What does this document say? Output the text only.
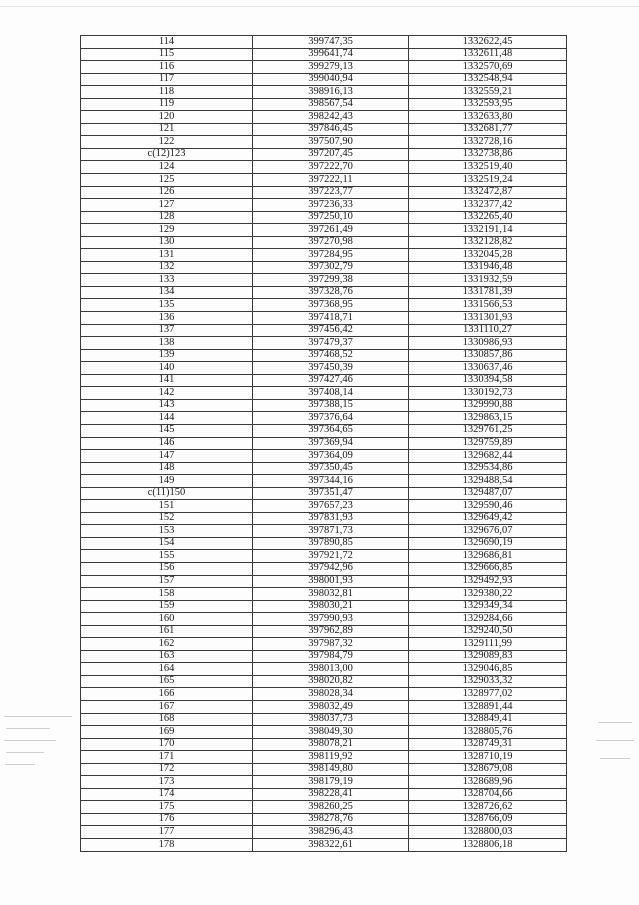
114	399747,35	1332622,45
115	399641,74	1332611,48
116	399279,13	1332570,69
117	399040,94	1332548,94
118	398916,13	1332559,21
119	398567,54	1332593,95
120	398242,43	1332633,80
121	397846,45	1332681,77
122	397507,90	1332728,16
c(12)123	397207,45	1332738,86
124	397222,70	1332519,40
125	397222,11	1332519,24
126	397223,77	1332472,87
127	397236,33	1332377,42
128	397250,10	1332265,40
129	397261,49	1332191,14
130	397270,98	1332128,82
131	397284,95	1332045,28
132	397302,79	1331946,48
133	397299,38	1331932,59
134	397328,76	1331781,39
135	397368,95	1331566,53
136	397418,71	1331301,93
137	397456,42	1331110,27
138	397479,37	1330986,93
139	397468,52	1330857,86
140	397450,39	1330637,46
141	397427,46	1330394,58
142	397408,14	1330192,73
143	397388,15	1329990,88
144	397376,64	1329863,15
145	397364,65	1329761,25
146	397369,94	1329759,89
147	397364,09	1329682,44
148	397350,45	1329534,86
149	397344,16	1329488,54
c(11)150	397351,47	1329487,07
151	397657,23	1329590,46
152	397831,93	1329649,42
153	397871,73	1329676,07
154	397890,85	1329690,19
155	397921,72	1329686,81
156	397942,96	1329666,85
157	398001,93	1329492,93
158	398032,81	1329380,22
159	398030,21	1329349,34
160	397990,93	1329284,66
161	397962,89	1329240,50
162	397987,32	1329111,99
163	397984,79	1329089,83
164	398013,00	1329046,85
165	398020,82	1329033,32
166	398028,34	1328977,02
167	398032,49	1328891,44
168	398037,73	1328849,41
169	398049,30	1328805,76
170	398078,21	1328749,31
171	398119,92	1328710,19
172	398149,80	1328679,08
173	398179,19	1328689,96
174	398228,41	1328704,66
175	398260,25	1328726,62
176	398278,76	1328766,09
177	398296,43	1328800,03
178	398322,61	1328806,18
